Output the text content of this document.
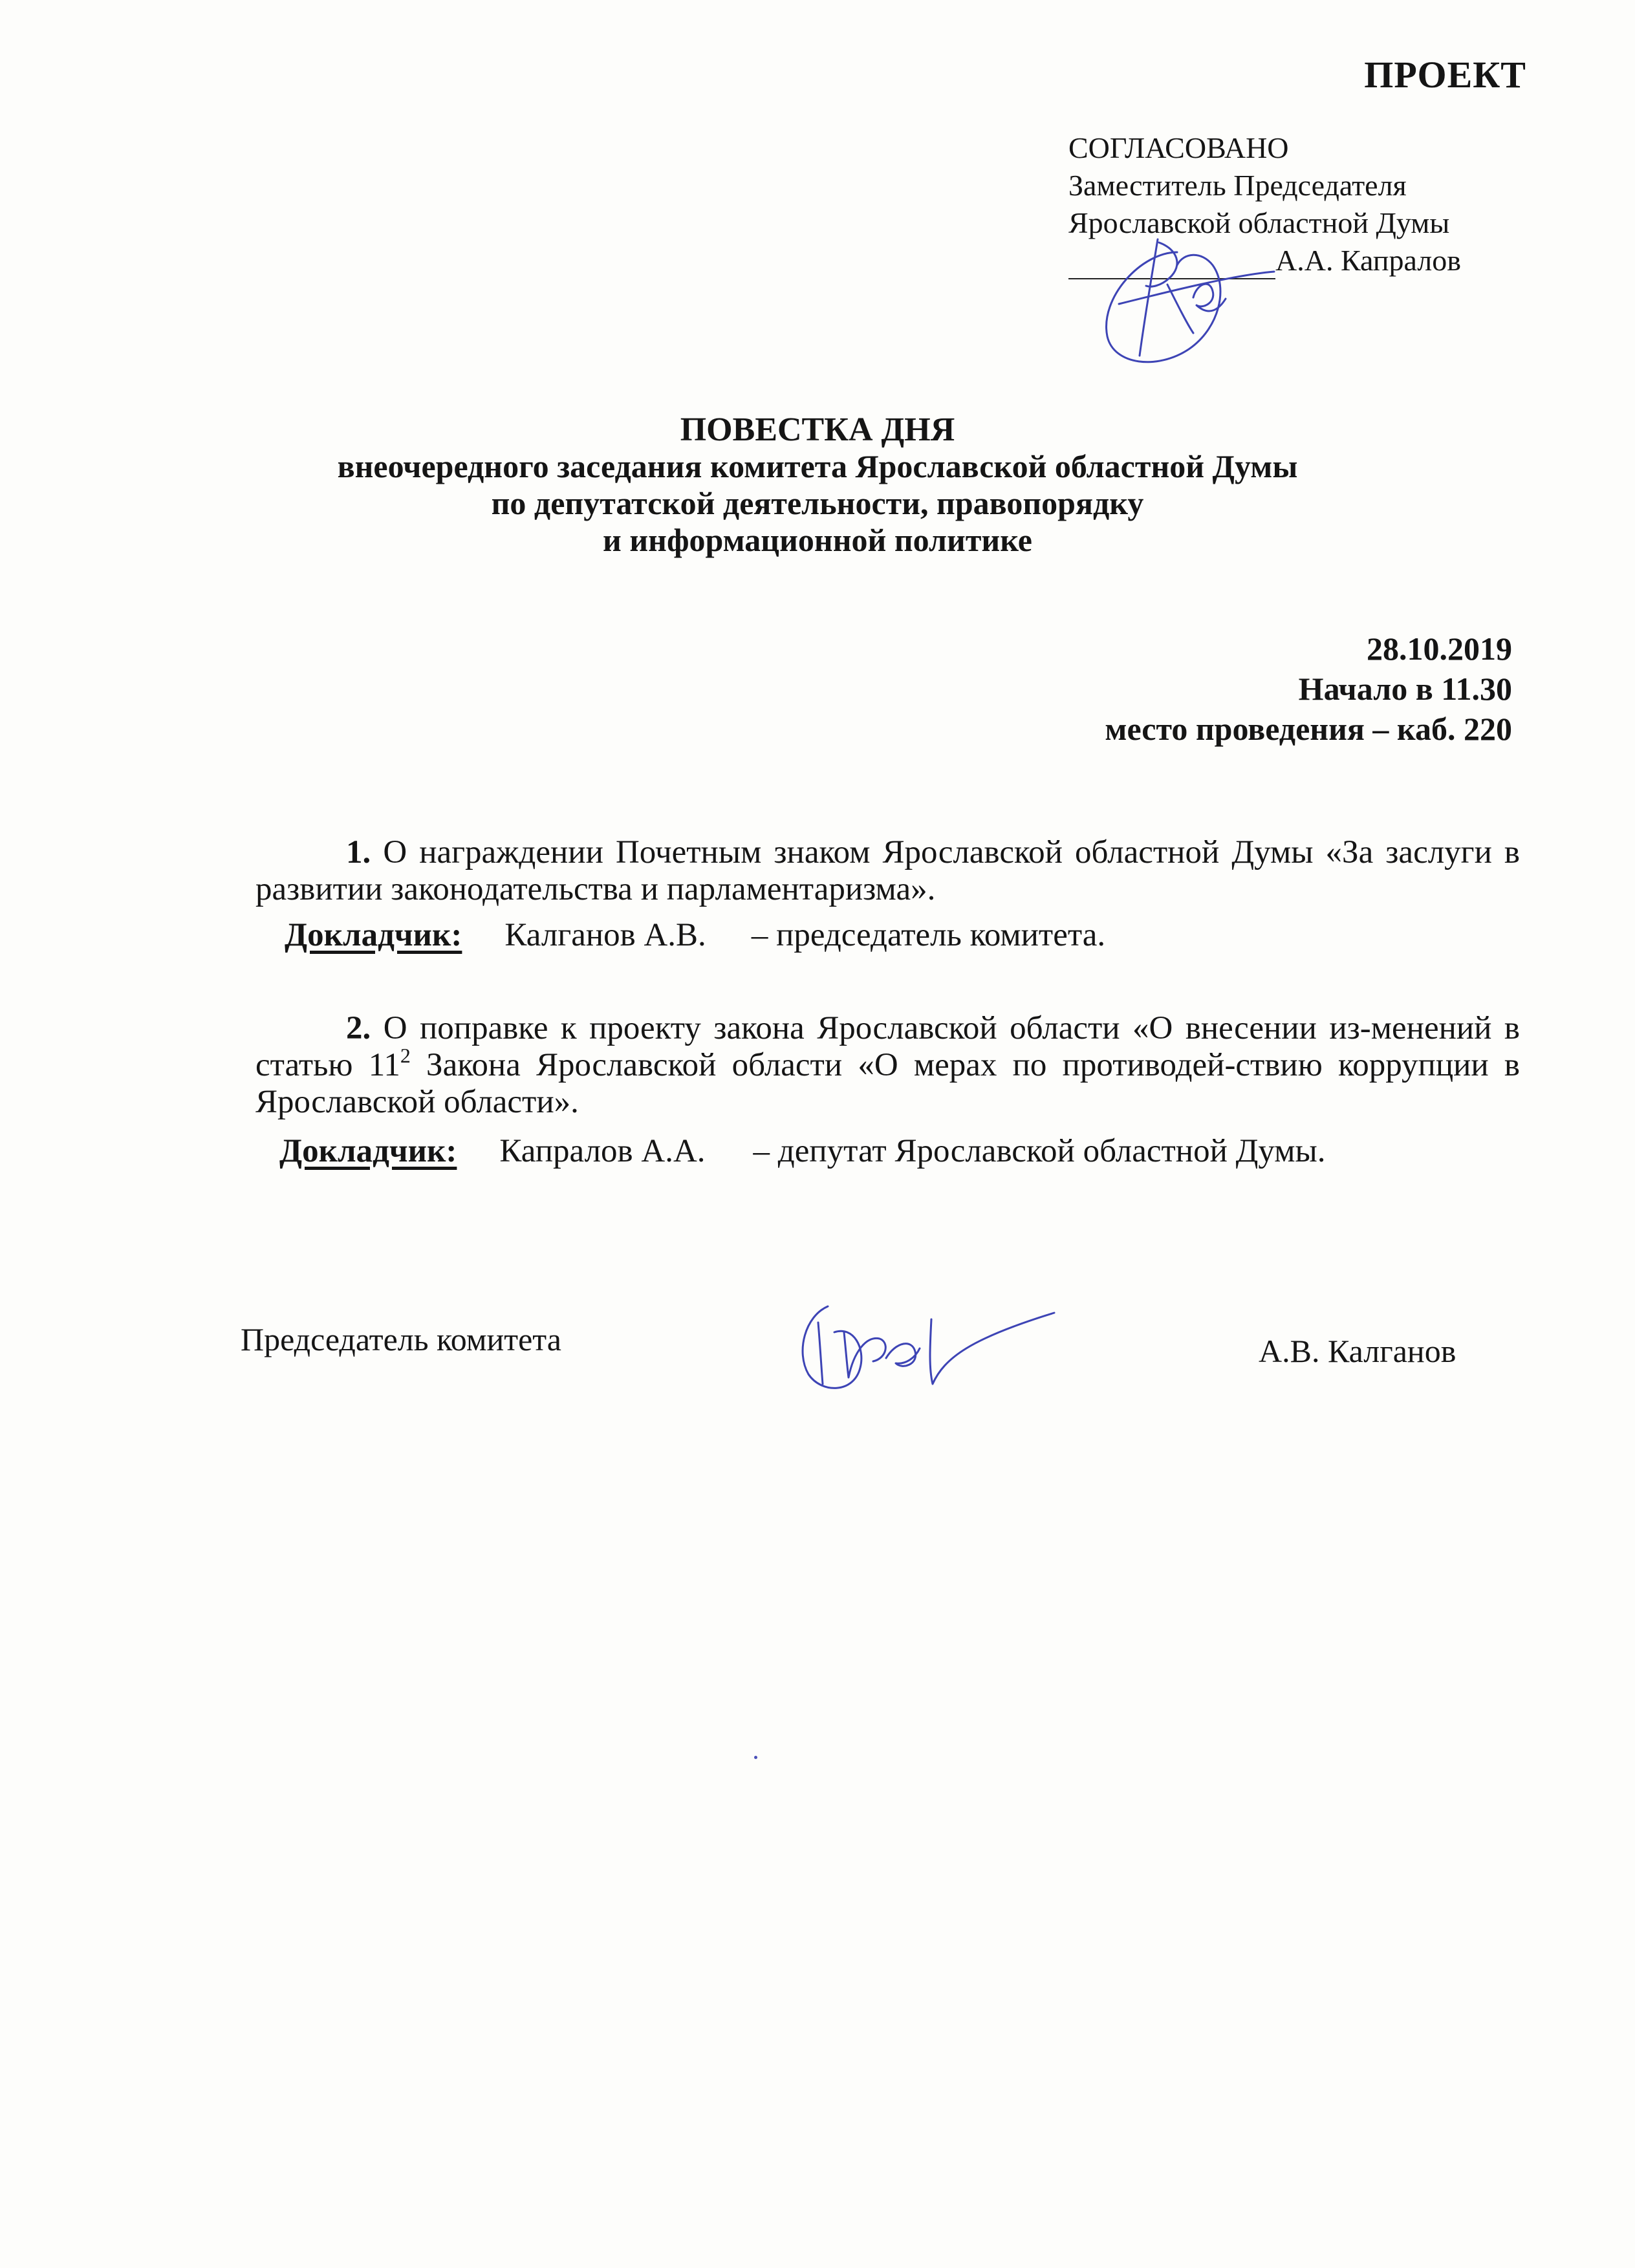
ПРОЕКТ
СОГЛАСОВАНО
Заместитель Председателя
Ярославской областной Думы
А.А. Капралов
ПОВЕСТКА ДНЯ
внеочередного заседания комитета Ярославской областной Думы
по депутатской деятельности, правопорядку
и информационной политике
28.10.2019
Начало в 11.30
место проведения – каб. 220
1. О награждении Почетным знаком Ярославской областной Думы «За заслуги в развитии законодательства и парламентаризма».
Докладчик: Калганов А.В. – председатель комитета.
2. О поправке к проекту закона Ярославской области «О внесении из-менений в статью $11^2$ Закона Ярославской области «О мерах по противодей-ствию коррупции в Ярославской области».
Докладчик: Капралов А.А. – депутат Ярославской областной Думы.
Председатель комитета	А.В. Калганов
